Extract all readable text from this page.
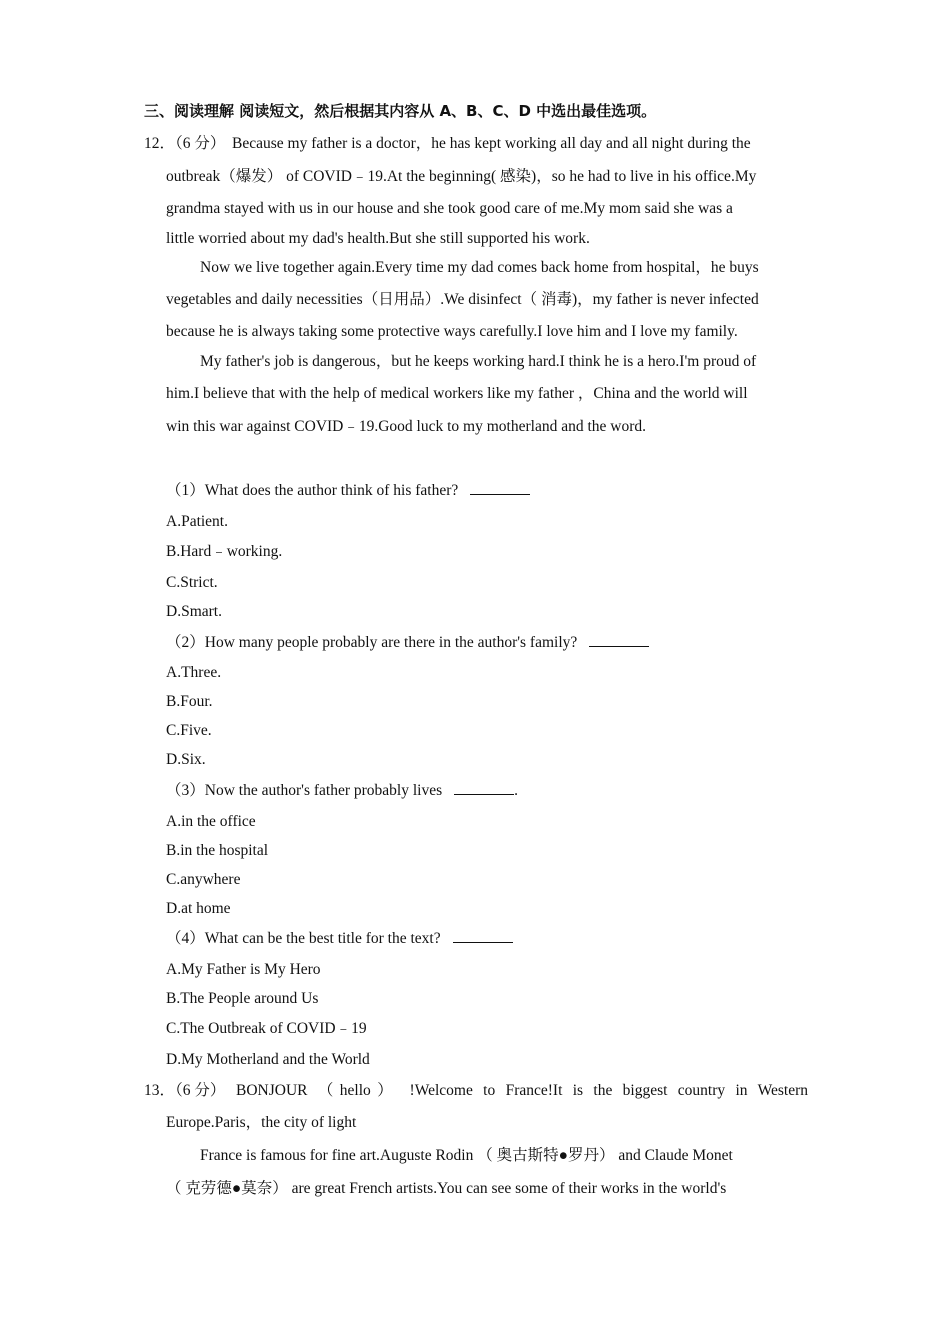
三、阅读理解 阅读短文，然后根据其内容从 A、B、C、D 中选出最佳选项。
12．（6 分） Because my father is a doctor，he has kept working all day and all night during the
outbreak（爆发） of COVID﹣19.At the beginning( 感染)，so he had to live in his office.My
grandma stayed with us in our house and she took good care of me.My mom said she was a
little worried about my dad's health.But she still supported his work.
Now we live together again.Every time my dad comes back home from hospital，he buys
vegetables and daily necessities（日用品）.We disinfect（ 消毒)，my father is never infected
because he is always taking some protective ways carefully.I love him and I love my family.
My father's job is dangerous，but he keeps working hard.I think he is a hero.I'm proud of
him.I believe that with the help of medical workers like my father ，China and the world will
win this war against COVID﹣19.Good luck to my motherland and the word.
（1）What does the author think of his father?
A.Patient.
B.Hard﹣working.
C.Strict.
D.Smart.
（2）How many people probably are there in the author's family?
A.Three.
B.Four.
C.Five.
D.Six.
（3）Now the author's father probably lives	.
A.in the office
B.in the hospital
C.anywhere
D.at home
（4）What can be the best title for the text?
A.My Father is My Hero
B.The People around Us
C.The Outbreak of COVID﹣19
D.My Motherland and the World
13．（6 分） BONJOUR （hello） !Welcome to France!It is the biggest country in Western
Europe.Paris，the city of light
France is famous for fine art.Auguste Rodin （ 奥古斯特●罗丹） and Claude Monet
（ 克劳德●莫奈） are great French artists.You can see some of their works in the world's
